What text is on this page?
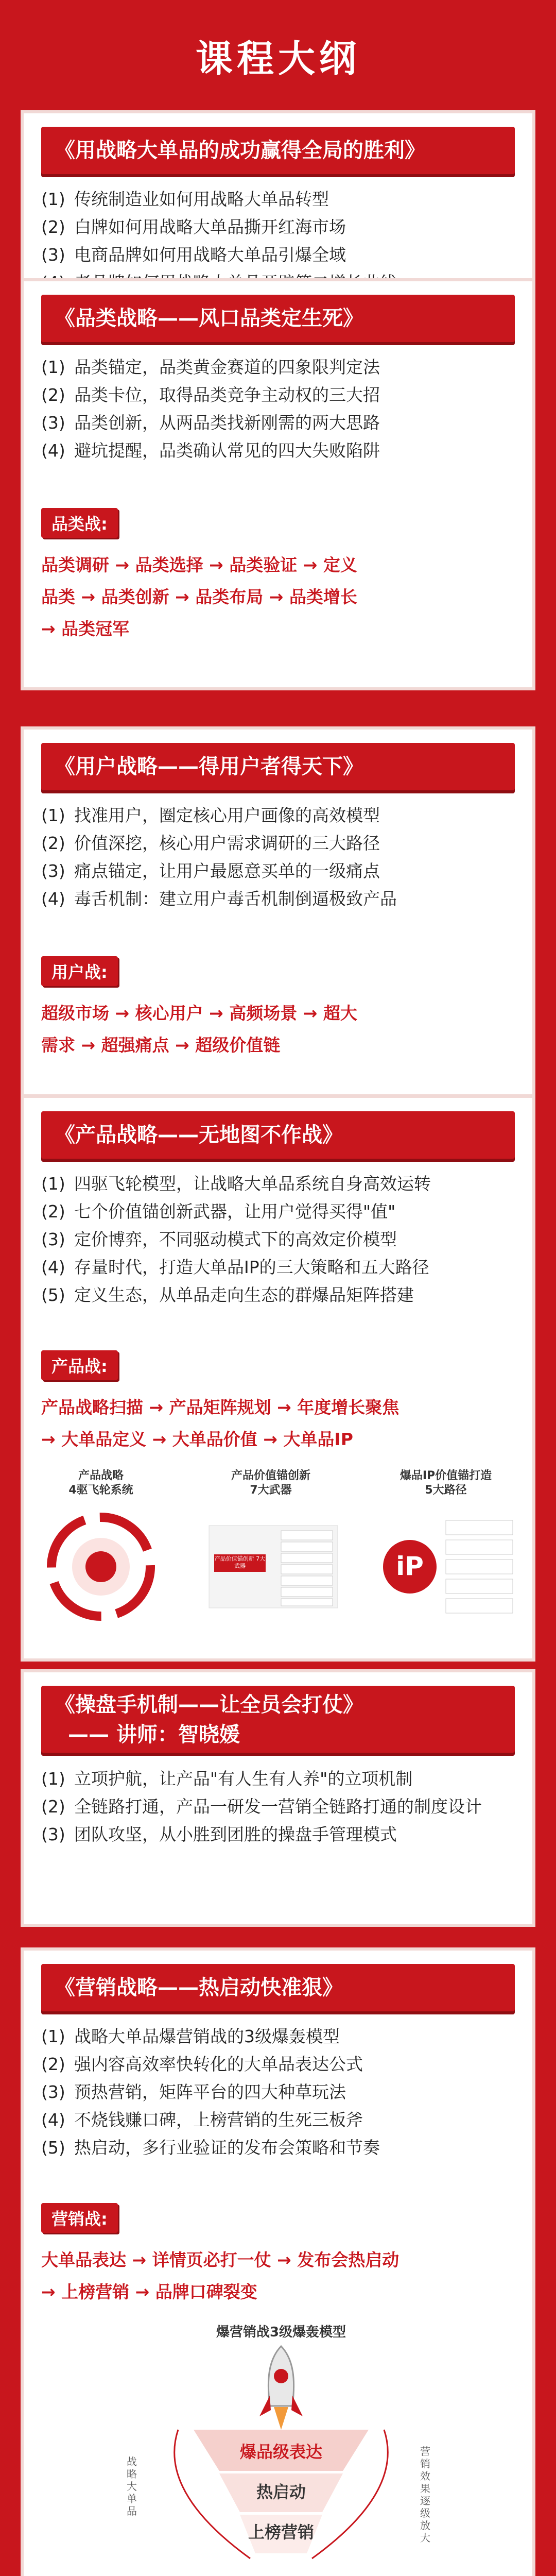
课程大纲
《用战略大单品的成功赢得全局的胜利》
(1) 传统制造业如何用战略大单品转型
(2) 白牌如何用战略大单品撕开红海市场
(3) 电商品牌如何用战略大单品引爆全域
《品类战略——风口品类定生死》
(1) 品类锚定，品类黄金赛道的四象限判定法
(2) 品类卡位，取得品类竞争主动权的三大招
(3) 品类创新，从两品类找新刚需的两大思路
(4) 避坑提醒，品类确认常见的四大失败陷阱
品类战:
品类调研 → 品类选择 → 品类验证 → 定义
品类 → 品类创新 → 品类布局 → 品类增长
→ 品类冠军
《用户战略——得用户者得天下》
(1) 找准用户，圈定核心用户画像的高效模型
(2) 价值深挖，核心用户需求调研的三大路径
(3) 痛点锚定，让用户最愿意买单的一级痛点
(4) 毒舌机制：建立用户毒舌机制倒逼极致产品
用户战:
超级市场 → 核心用户 → 高频场景 → 超大
需求 → 超强痛点 → 超级价值链
《产品战略——无地图不作战》
(1) 四驱飞轮模型，让战略大单品系统自身高效运转
(2) 七个价值锚创新武器，让用户觉得买得"值"
(3) 定价博弈，不同驱动模式下的高效定价模型
(4) 存量时代，打造大单品IP的三大策略和五大路径
(5) 定义生态，从单品走向生态的群爆品矩阵搭建
产品战:
产品战略扫描 → 产品矩阵规划 → 年度增长聚焦
→ 大单品定义 → 大单品价值 → 大单品IP
产品战略
4驱飞轮系统
产品价值锚创新
7大武器
爆品IP价值锚打造
5大路径
产品价值锚创新 7大武器	iP
《操盘手机制——让全员会打仗》
—— 讲师：智晓媛
(1) 立项护航，让产品"有人生有人养"的立项机制
(2) 全链路打通，产品一研发一营销全链路打通的制度设计
(3) 团队攻坚，从小胜到团胜的操盘手管理模式
《营销战略——热启动快准狠》
(1) 战略大单品爆营销战的3级爆轰模型
(2) 强内容高效率快转化的大单品表达公式
(3) 预热营销，矩阵平台的四大种草玩法
(4) 不烧钱赚口碑，上榜营销的生死三板斧
(5) 热启动，多行业验证的发布会策略和节奏
营销战:
大单品表达 → 详情页必打一仗 → 发布会热启动
→ 上榜营销 → 品牌口碑裂变
爆营销战3级爆轰模型
爆品级表达
热启动
上榜营销
战略大单品
营销效果逐级放大
